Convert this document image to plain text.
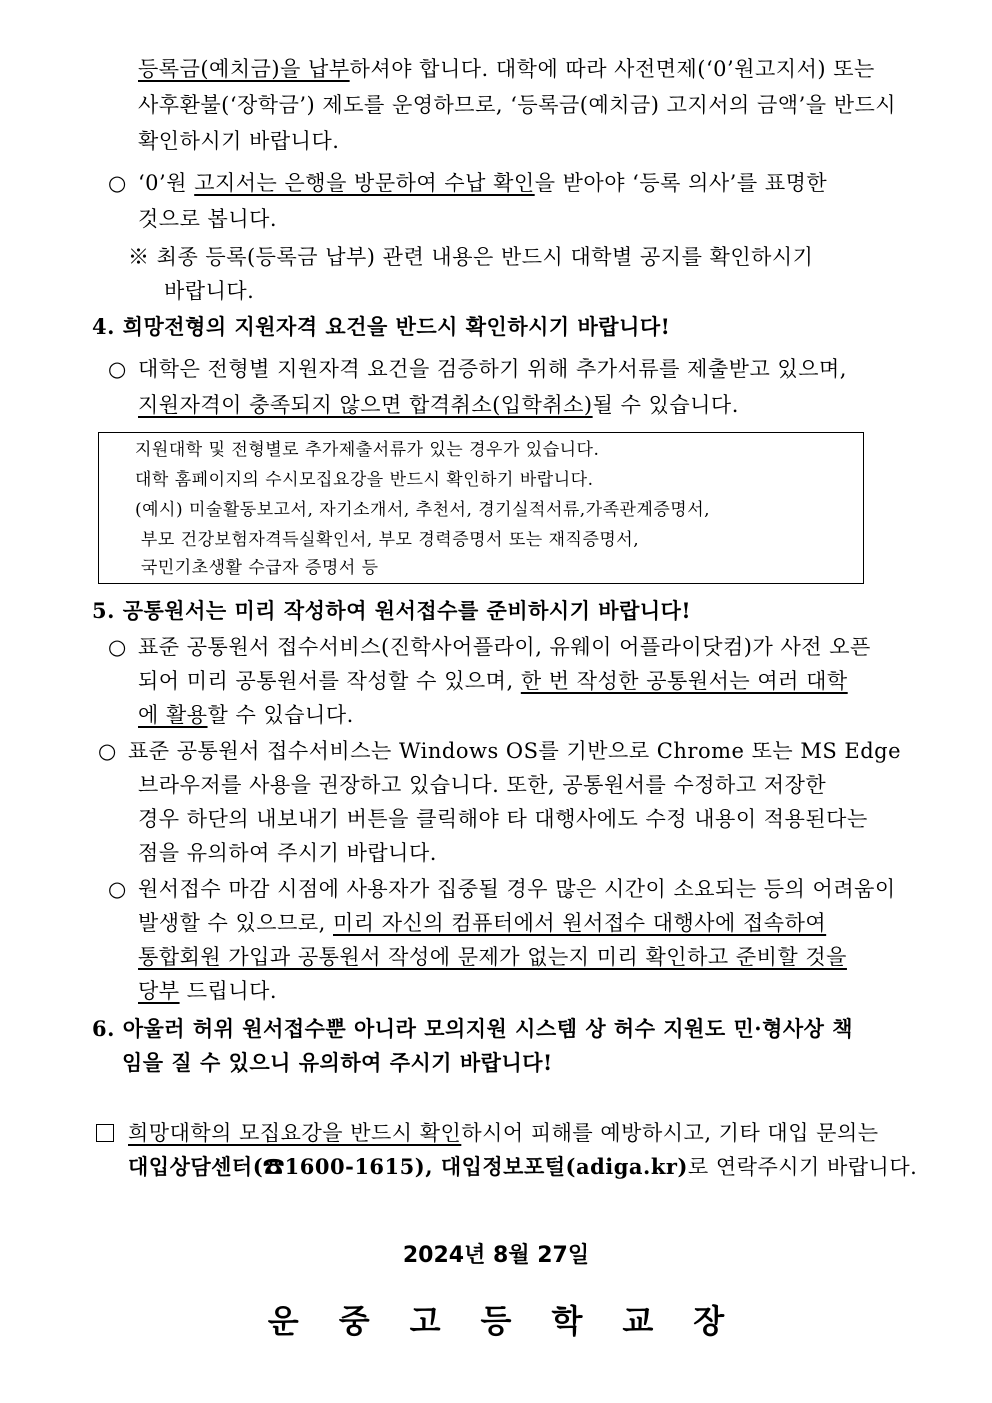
등록금(예치금)을 납부하셔야 합니다. 대학에 따라 사전면제(‘0’원고지서) 또는
사후환불(‘장학금’) 제도를 운영하므로, ‘등록금(예치금) 고지서의 금액’을 반드시
확인하시기 바랍니다.
○ ‘0’원 고지서는 은행을 방문하여 수납 확인을 받아야 ‘등록 의사’를 표명한
것으로 봅니다.
※ 최종 등록(등록금 납부) 관련 내용은 반드시 대학별 공지를 확인하시기
바랍니다.
4. 희망전형의 지원자격 요건을 반드시 확인하시기 바랍니다!
○ 대학은 전형별 지원자격 요건을 검증하기 위해 추가서류를 제출받고 있으며,
지원자격이 충족되지 않으면 합격취소(입학취소)될 수 있습니다.
지원대학 및 전형별로 추가제출서류가 있는 경우가 있습니다.
대학 홈페이지의 수시모집요강을 반드시 확인하기 바랍니다.
(예시) 미술활동보고서, 자기소개서, 추천서, 경기실적서류,가족관계증명서,
부모 건강보험자격득실확인서, 부모 경력증명서 또는 재직증명서,
국민기초생활 수급자 증명서 등
5. 공통원서는 미리 작성하여 원서접수를 준비하시기 바랍니다!
○ 표준 공통원서 접수서비스(진학사어플라이, 유웨이 어플라이닷컴)가 사전 오픈
되어 미리 공통원서를 작성할 수 있으며, 한 번 작성한 공통원서는 여러 대학
에 활용할 수 있습니다.
○ 표준 공통원서 접수서비스는 Windows OS를 기반으로 Chrome 또는 MS Edge
브라우저를 사용을 권장하고 있습니다. 또한, 공통원서를 수정하고 저장한
경우 하단의 내보내기 버튼을 클릭해야 타 대행사에도 수정 내용이 적용된다는
점을 유의하여 주시기 바랍니다.
○ 원서접수 마감 시점에 사용자가 집중될 경우 많은 시간이 소요되는 등의 어려움이
발생할 수 있으므로, 미리 자신의 컴퓨터에서 원서접수 대행사에 접속하여
통합회원 가입과 공통원서 작성에 문제가 없는지 미리 확인하고 준비할 것을
당부 드립니다.
6. 아울러 허위 원서접수뿐 아니라 모의지원 시스템 상 허수 지원도 민·형사상 책
임을 질 수 있으니 유의하여 주시기 바랍니다!
희망대학의 모집요강을 반드시 확인하시어 피해를 예방하시고, 기타 대입 문의는
대입상담센터(☎1600-1615), 대입정보포털(adiga.kr)로 연락주시기 바랍니다.
2024년 8월 27일
운중고등학교장
